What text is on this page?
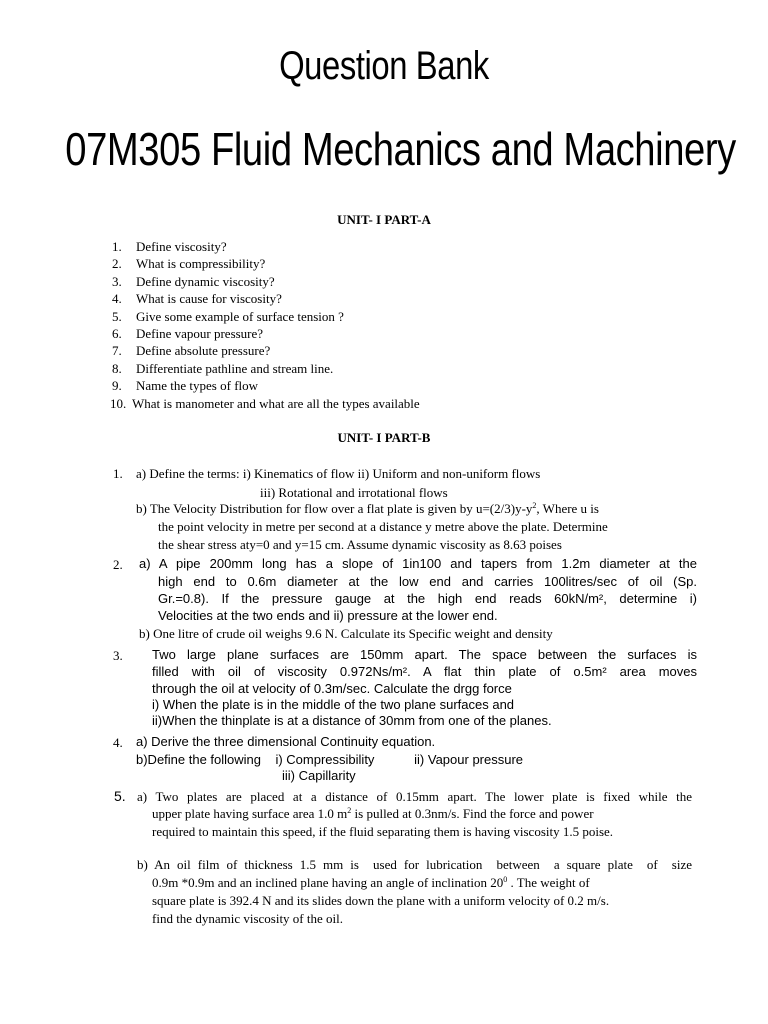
Question Bank
07M305 Fluid Mechanics and Machinery
UNIT- I PART-A
1. Define viscosity?
2. What is compressibility?
3. Define dynamic viscosity?
4. What is cause for viscosity?
5. Give some example of surface tension ?
6. Define vapour pressure?
7. Define absolute pressure?
8. Differentiate pathline and stream line.
9. Name the types of flow
10. What is manometer and what are all the types available
UNIT- I PART-B
1. a) Define the terms: i) Kinematics of flow ii) Uniform and non-uniform flows
iii) Rotational and irrotational flows
b) The Velocity Distribution for flow over a flat plate is given by $u=(2/3)y-y^2$, Where u is
the point velocity in metre per second at a distance y metre above the plate. Determine
the shear stress aty=0 and y=15 cm. Assume dynamic viscosity as 8.63 poises
2. a) A pipe 200mm long has a slope of 1in100 and tapers from 1.2m diameter at the
high end to 0.6m diameter at the low end and carries 100litres/sec of oil (Sp.
Gr.=0.8). If the pressure gauge at the high end reads 60kN/m², determine i)
Velocities at the two ends and ii) pressure at the lower end.
b) One litre of crude oil weighs 9.6 N. Calculate its Specific weight and density
3. Two large plane surfaces are 150mm apart. The space between the surfaces is
filled with oil of viscosity 0.972Ns/m². A flat thin plate of o.5m² area moves
through the oil at velocity of 0.3m/sec. Calculate the drgg force
i) When the plate is in the middle of the two plane surfaces and
ii)When the thinplate is at a distance of 30mm from one of the planes.
4. a) Derive the three dimensional Continuity equation.
b)Define the following    i) Compressibility           ii) Vapour pressure
iii) Capillarity
5. a) Two plates are placed at a distance of 0.15mm apart. The lower plate is fixed while the
upper plate having surface area 1.0 $m^2$ is pulled at 0.3nm/s. Find the force and power
required to maintain this speed, if the fluid separating them is having viscosity 1.5 poise.
b) An oil film of thickness 1.5 mm is  used for lubrication  between  a square plate  of  size
0.9m *0.9m and an inclined plane having an angle of inclination $20^0$ . The weight of
square plate is 392.4 N and its slides down the plane with a uniform velocity of 0.2 m/s.
find the dynamic viscosity of the oil.
